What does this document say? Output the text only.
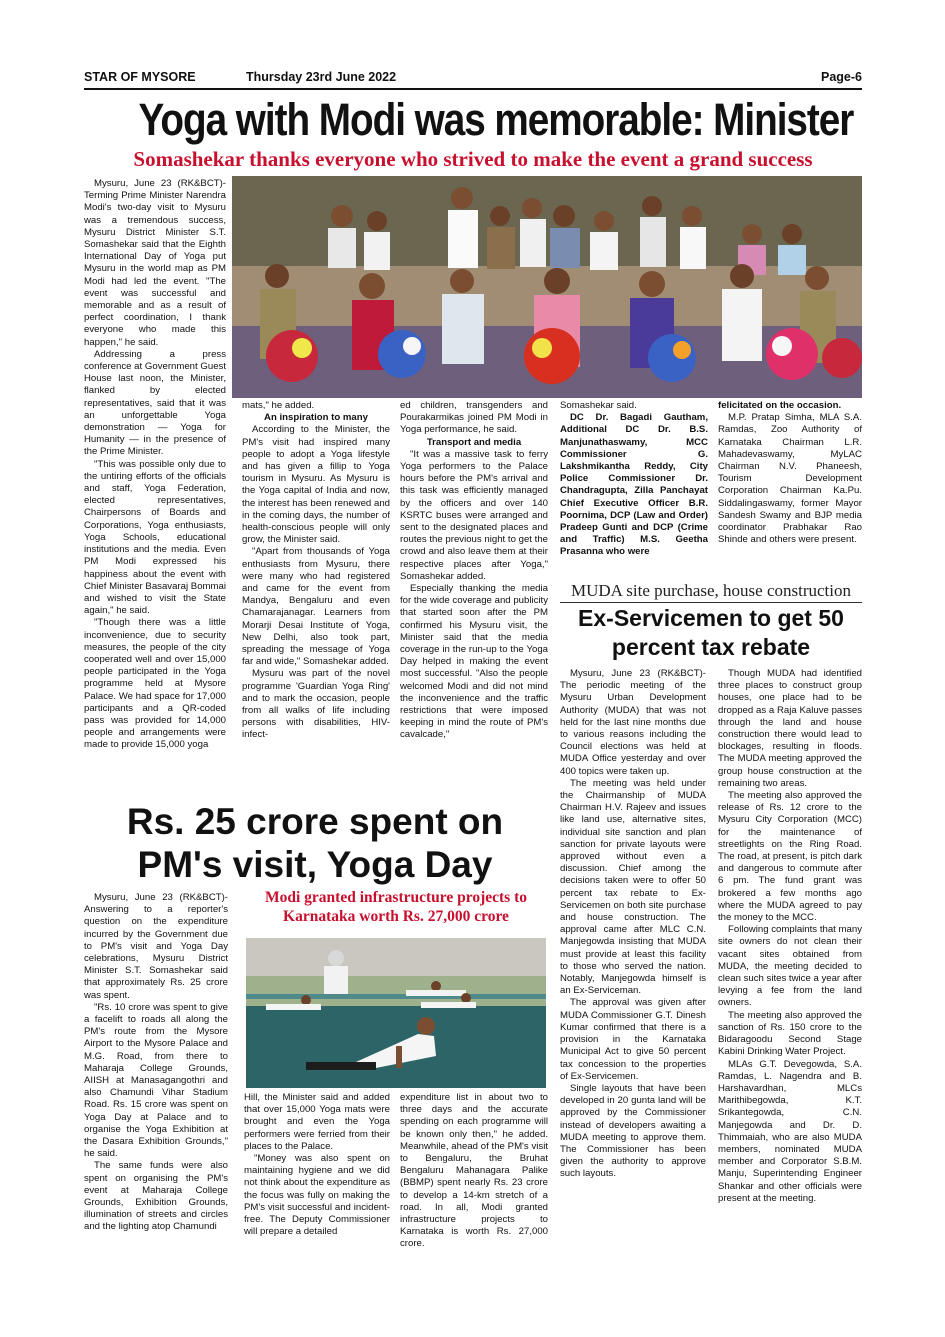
STAR OF MYSORE	Thursday 23rd June 2022	Page-6
Yoga with Modi was memorable: Minister
Somashekar thanks everyone who strived to make the event a grand success

Mysuru, June 23 (RK&BCT)- Terming Prime Minister Narendra Modi's two-day visit to Mysuru was a tremendous success, Mysuru District Minister S.T. Somashekar said that the Eighth International Day of Yoga put Mysuru in the world map as PM Modi had led the event. "The event was successful and memorable and as a result of perfect coordination, I thank everyone who made this happen," he said.

Addressing a press conference at Government Guest House last noon, the Minister, flanked by elected representatives, said that it was an unforgettable Yoga demonstration — Yoga for Humanity — in the presence of the Prime Minister.

"This was possible only due to the untiring efforts of the officials and staff, Yoga Federation, elected representatives, Chairpersons of Boards and Corporations, Yoga enthusiasts, Yoga Schools, educational institutions and the media. Even PM Modi expressed his happiness about the event with Chief Minister Basavaraj Bommai and wished to visit the State again," he said.

"Though there was a little inconvenience, due to security measures, the people of the city cooperated well and over 15,000 people participated in the Yoga programme held at Mysore Palace. We had space for 17,000 participants and a QR-coded pass was provided for 14,000 people and arrangements were made to provide 15,000 yoga

mats," he added.

An inspiration to many

According to the Minister, the PM's visit had inspired many people to adopt a Yoga lifestyle and has given a fillip to Yoga tourism in Mysuru. As Mysuru is the Yoga capital of India and now, the interest has been renewed and in the coming days, the number of health-conscious people will only grow, the Minister said.

"Apart from thousands of Yoga enthusiasts from Mysuru, there were many who had registered and came for the event from Mandya, Bengaluru and even Chamarajanagar. Learners from Morarji Desai Institute of Yoga, New Delhi, also took part, spreading the message of Yoga far and wide," Somashekar added.

Mysuru was part of the novel programme 'Guardian Yoga Ring' and to mark the occasion, people from all walks of life including persons with disabilities, HIV-infect-

ed children, transgenders and Pourakarmikas joined PM Modi in Yoga performance, he said.

Transport and media

"It was a massive task to ferry Yoga performers to the Palace hours before the PM's arrival and this task was efficiently managed by the officers and over 140 KSRTC buses were arranged and sent to the designated places and routes the previous night to get the crowd and also leave them at their respective places after Yoga," Somashekar added.

Especially thanking the media for the wide coverage and publicity that started soon after the PM confirmed his Mysuru visit, the Minister said that the media coverage in the run-up to the Yoga Day helped in making the event most successful. "Also the people welcomed Modi and did not mind the inconvenience and the traffic restrictions that were imposed keeping in mind the route of PM's cavalcade,"

Somashekar said.

DC Dr. Bagadi Gautham, Additional DC Dr. B.S. Manjunathaswamy, MCC Commissioner G. Lakshmikantha Reddy, City Police Commissioner Dr. Chandragupta, Zilla Panchayat Chief Executive Officer B.R. Poornima, DCP (Law and Order) Pradeep Gunti and DCP (Crime and Traffic) M.S. Geetha Prasanna who were

felicitated on the occasion.

M.P. Pratap Simha, MLA S.A. Ramdas, Zoo Authority of Karnataka Chairman L.R. Mahadevaswamy, MyLAC Chairman N.V. Phaneesh, Tourism Development Corporation Chairman Ka.Pu. Siddalingaswamy, former Mayor Sandesh Swamy and BJP media coordinator Prabhakar Rao Shinde and others were present.

MUDA site purchase, house construction
Ex-Servicemen to get 50 percent tax rebate

Mysuru, June 23 (RK&BCT)- The periodic meeting of the Mysuru Urban Development Authority (MUDA) that was not held for the last nine months due to various reasons including the Council elections was held at MUDA Office yesterday and over 400 topics were taken up.

The meeting was held under the Chairmanship of MUDA Chairman H.V. Rajeev and issues like land use, alternative sites, individual site sanction and plan sanction for private layouts were approved without even a discussion. Chief among the decisions taken were to offer 50 percent tax rebate to Ex-Servicemen on both site purchase and house construction. The approval came after MLC C.N. Manjegowda insisting that MUDA must provide at least this facility to those who served the nation. Notably, Manjegowda himself is an Ex-Serviceman.

The approval was given after MUDA Commissioner G.T. Dinesh Kumar confirmed that there is a provision in the Karnataka Municipal Act to give 50 percent tax concession to the properties of Ex-Servicemen.

Single layouts that have been developed in 20 gunta land will be approved by the Commissioner instead of developers awaiting a MUDA meeting to approve them. The Commissioner has been given the authority to approve such layouts.

Though MUDA had identified three places to construct group houses, one place had to be dropped as a Raja Kaluve passes through the land and house construction there would lead to blockages, resulting in floods. The MUDA meeting approved the group house construction at the remaining two areas.

The meeting also approved the release of Rs. 12 crore to the Mysuru City Corporation (MCC) for the maintenance of streetlights on the Ring Road. The road, at present, is pitch dark and dangerous to commute after 6 pm. The fund grant was brokered a few months ago where the MUDA agreed to pay the money to the MCC.

Following complaints that many site owners do not clean their vacant sites obtained from MUDA, the meeting decided to clean such sites twice a year after levying a fee from the land owners.

The meeting also approved the sanction of Rs. 150 crore to the Bidaragoodu Second Stage Kabini Drinking Water Project.

MLAs G.T. Devegowda, S.A. Ramdas, L. Nagendra and B. Harshavardhan, MLCs Marithibegowda, K.T. Srikantegowda, C.N. Manjegowda and Dr. D. Thimmaiah, who are also MUDA members, nominated MUDA member and Corporator S.B.M. Manju, Superintending Engineer Shankar and other officials were present at the meeting.

Rs. 25 crore spent on
PM's visit, Yoga Day
Modi granted infrastructure projects to Karnataka worth Rs. 27,000 crore

Mysuru, June 23 (RK&BCT)- Answering to a reporter's question on the expenditure incurred by the Government due to PM's visit and Yoga Day celebrations, Mysuru District Minister S.T. Somashekar said that approximately Rs. 25 crore was spent.

"Rs. 10 crore was spent to give a facelift to roads all along the PM's route from the Mysore Airport to the Mysore Palace and M.G. Road, from there to Maharaja College Grounds, AIISH at Manasagangothri and also Chamundi Vihar Stadium Road. Rs. 15 crore was spent on Yoga Day at Palace and to organise the Yoga Exhibition at the Dasara Exhibition Grounds," he said.

The same funds were also spent on organising the PM's event at Maharaja College Grounds, Exhibition Grounds, illumination of streets and circles and the lighting atop Chamundi

Hill, the Minister said and added that over 15,000 Yoga mats were brought and even the Yoga performers were ferried from their places to the Palace.

"Money was also spent on maintaining hygiene and we did not think about the expenditure as the focus was fully on making the PM's visit successful and incident-free. The Deputy Commissioner will prepare a detailed

expenditure list in about two to three days and the accurate spending on each programme will be known only then," he added. Meanwhile, ahead of the PM's visit to Bengaluru, the Bruhat Bengaluru Mahanagara Palike (BBMP) spent nearly Rs. 23 crore to develop a 14-km stretch of a road. In all, Modi granted infrastructure projects to Karnataka is worth Rs. 27,000 crore.
